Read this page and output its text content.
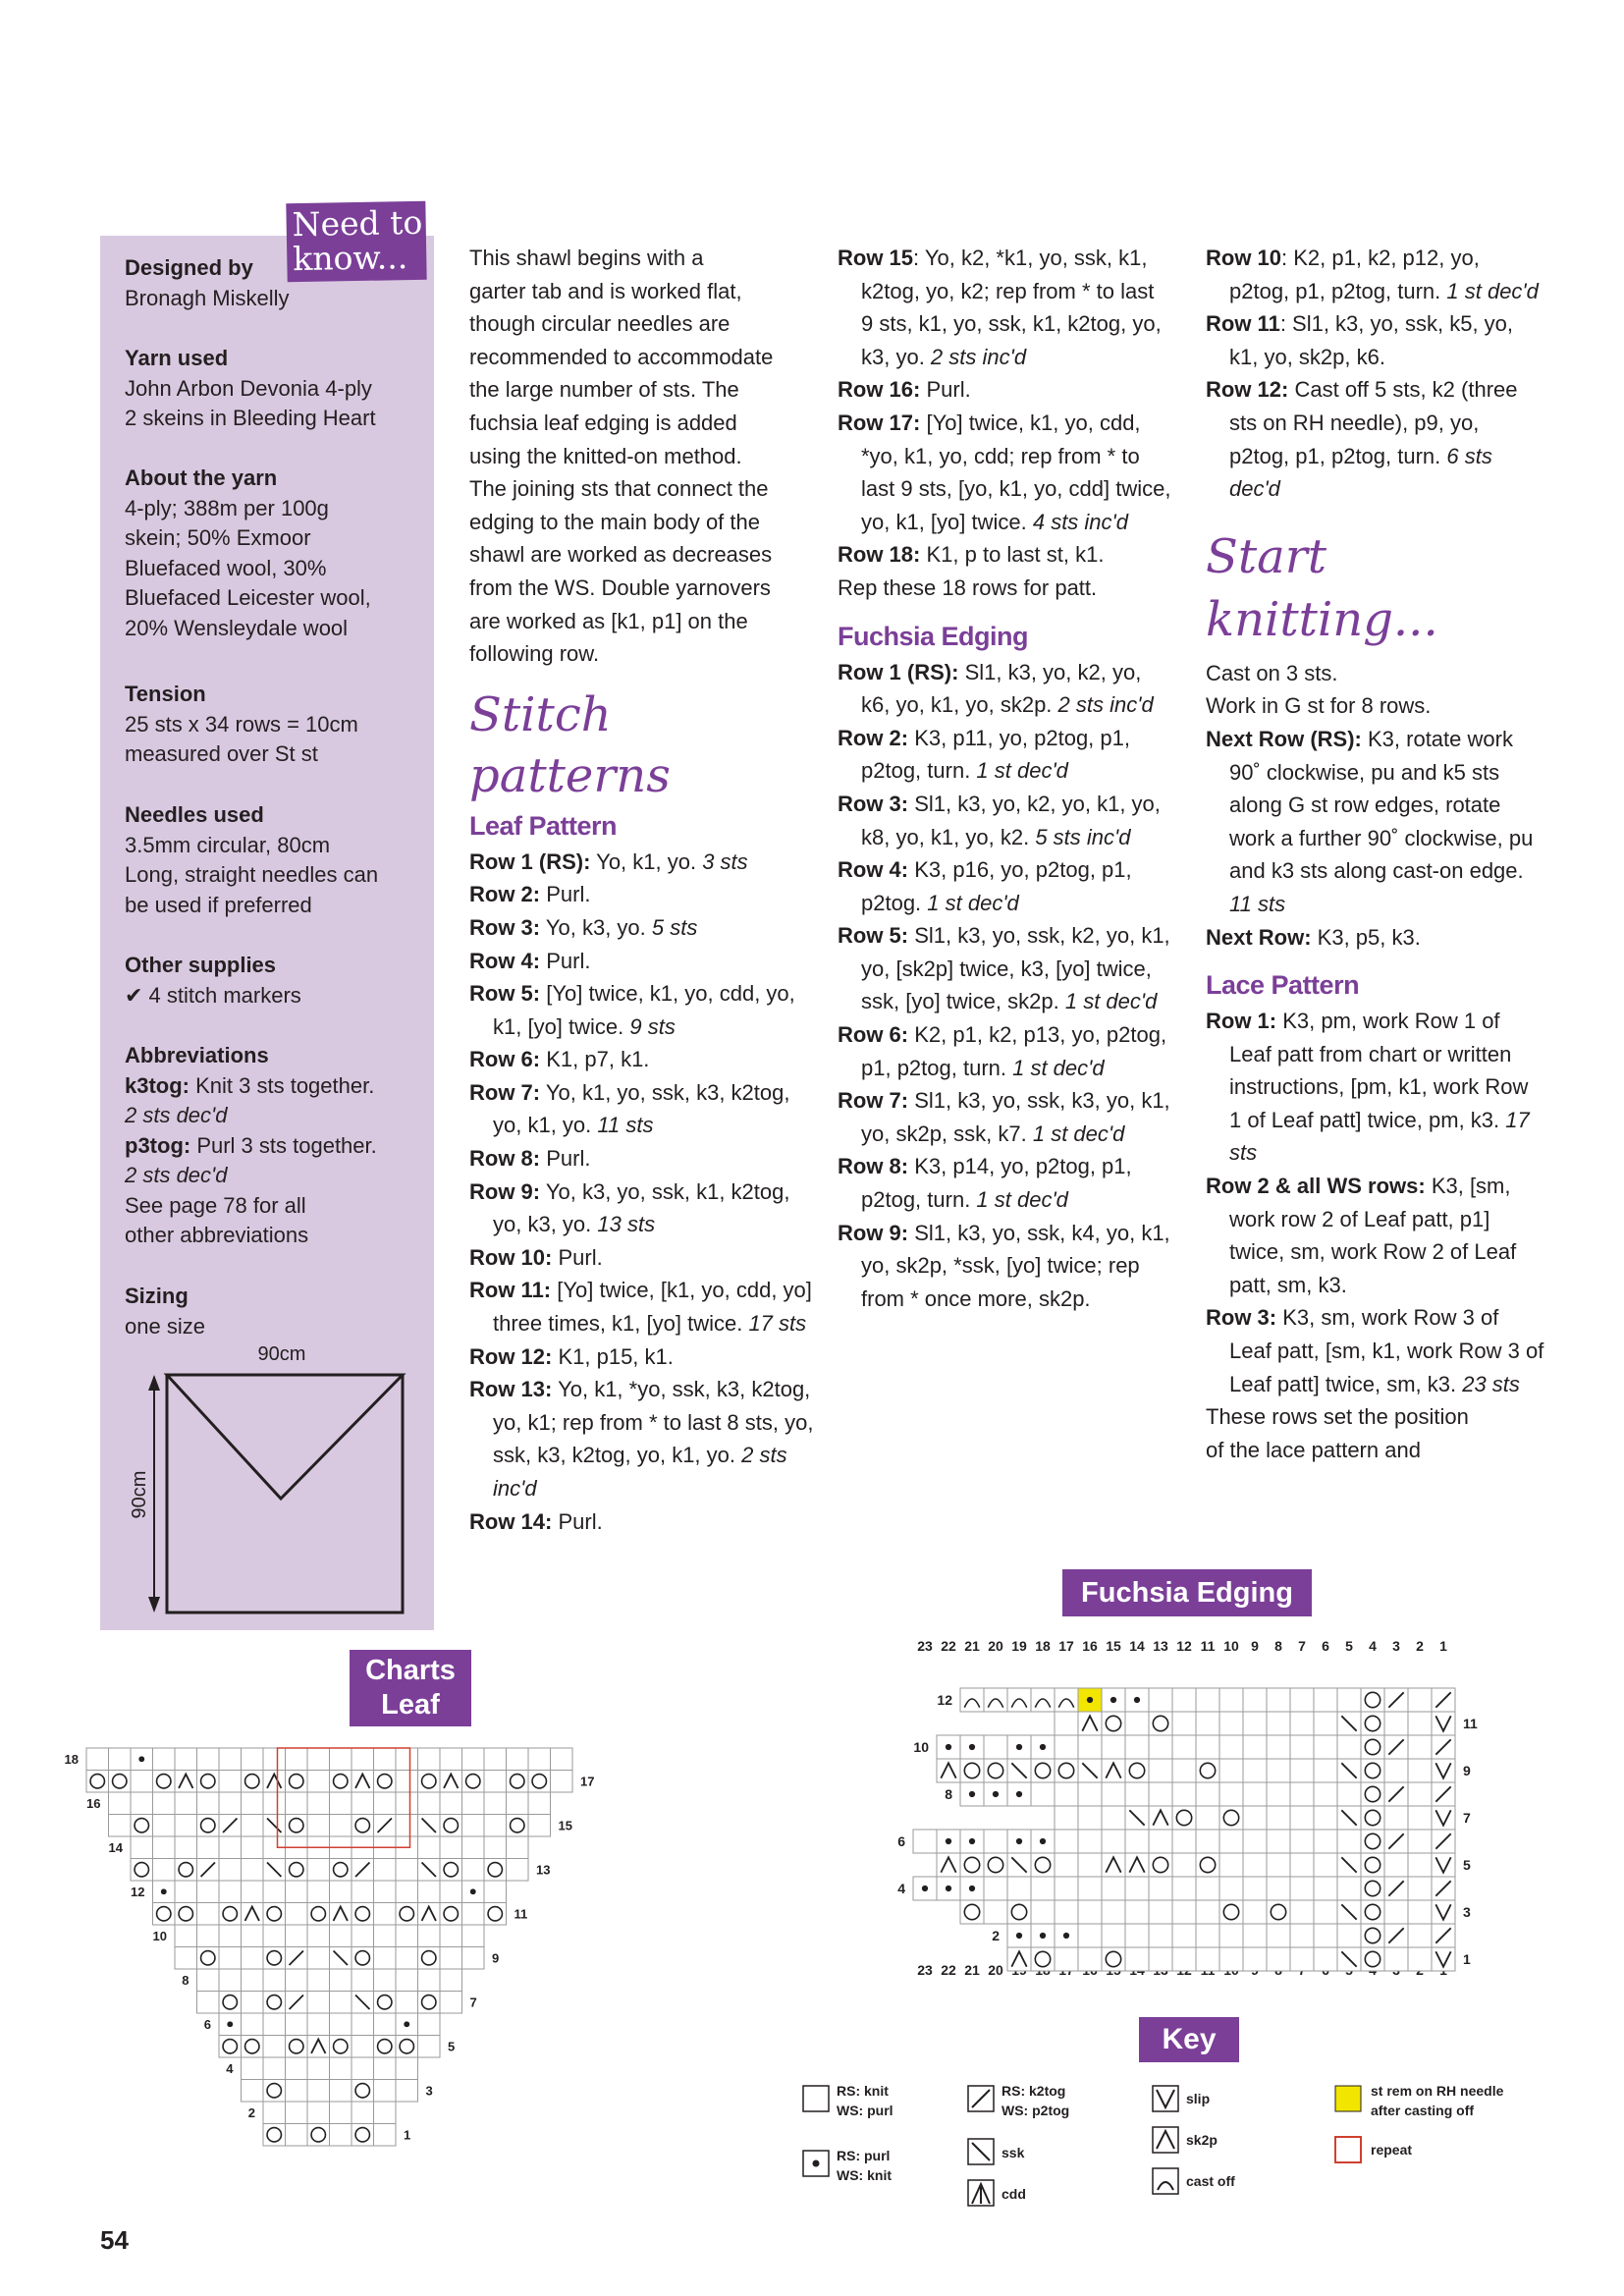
Need to
know...
Designed by
Bronagh Miskelly
Yarn used
John Arbon Devonia 4-ply
2 skeins in Bleeding Heart
About the yarn
4-ply; 388m per 100g
skein; 50% Exmoor
Bluefaced wool, 30%
Bluefaced Leicester wool,
20% Wensleydale wool
Tension
25 sts x 34 rows = 10cm
measured over St st
Needles used
3.5mm circular, 80cm
Long, straight needles can
be used if preferred
Other supplies
✔ 4 stitch markers
Abbreviations
k3tog: Knit 3 sts together.
2 sts dec'd
p3tog: Purl 3 sts together.
2 sts dec'd
See page 78 for all
other abbreviations
Sizing
one size
90cm
90cm
This shawl begins with a
garter tab and is worked flat,
though circular needles are
recommended to accommodate
the large number of sts. The
fuchsia leaf edging is added
using the knitted-on method.
The joining sts that connect the
edging to the main body of the
shawl are worked as decreases
from the WS. Double yarnovers
are worked as [k1, p1] on the
following row.
Stitch patterns
Leaf Pattern

Row 1 (RS): Yo, k1, yo. 3 sts

Row 2: Purl.

Row 3: Yo, k3, yo. 5 sts

Row 4: Purl.

Row 5: [Yo] twice, k1, yo, cdd, yo, k1, [yo] twice. 9 sts

Row 6: K1, p7, k1.

Row 7: Yo, k1, yo, ssk, k3, k2tog, yo, k1, yo. 11 sts

Row 8: Purl.

Row 9: Yo, k3, yo, ssk, k1, k2tog, yo, k3, yo. 13 sts

Row 10: Purl.

Row 11: [Yo] twice, [k1, yo, cdd, yo] three times, k1, [yo] twice. 17 sts

Row 12: K1, p15, k1.

Row 13: Yo, k1, *yo, ssk, k3, k2tog, yo, k1; rep from * to last 8 sts, yo, ssk, k3, k2tog, yo, k1, yo. 2 sts inc'd

Row 14: Purl.

Row 15: Yo, k2, *k1, yo, ssk, k1, k2tog, yo, k2; rep from * to last 9 sts, k1, yo, ssk, k1, k2tog, yo, k3, yo. 2 sts inc'd

Row 16: Purl.

Row 17: [Yo] twice, k1, yo, cdd, *yo, k1, yo, cdd; rep from * to last 9 sts, [yo, k1, yo, cdd] twice, yo, k1, [yo] twice. 4 sts inc'd

Row 18: K1, p to last st, k1.

Rep these 18 rows for patt.
Fuchsia Edging

Row 1 (RS): Sl1, k3, yo, k2, yo, k6, yo, k1, yo, sk2p. 2 sts inc'd

Row 2: K3, p11, yo, p2tog, p1, p2tog, turn. 1 st dec'd

Row 3: Sl1, k3, yo, k2, yo, k1, yo, k8, yo, k1, yo, k2. 5 sts inc'd

Row 4: K3, p16, yo, p2tog, p1, p2tog. 1 st dec'd

Row 5: Sl1, k3, yo, ssk, k2, yo, k1, yo, [sk2p] twice, k3, [yo] twice, ssk, [yo] twice, sk2p. 1 st dec'd

Row 6: K2, p1, k2, p13, yo, p2tog, p1, p2tog, turn. 1 st dec'd

Row 7: Sl1, k3, yo, ssk, k3, yo, k1, yo, sk2p, ssk, k7. 1 st dec'd

Row 8: K3, p14, yo, p2tog, p1, p2tog, turn. 1 st dec'd

Row 9: Sl1, k3, yo, ssk, k4, yo, k1, yo, sk2p, *ssk, [yo] twice; rep from * once more, sk2p.

Row 10: K2, p1, k2, p12, yo, p2tog, p1, p2tog, turn. 1 st dec'd

Row 11: Sl1, k3, yo, ssk, k5, yo, k1, yo, sk2p, k6.

Row 12: Cast off 5 sts, k2 (three sts on RH needle), p9, yo, p2tog, p1, p2tog, turn. 6 sts dec'd

Start knitting...
Cast on 3 sts.
Work in G st for 8 rows.

Next Row (RS): K3, rotate work 90˚ clockwise, pu and k5 sts along G st row edges, rotate work a further 90˚ clockwise, pu and k3 sts along cast-on edge. 11 sts

Next Row: K3, p5, k3.

Lace Pattern

Row 1: K3, pm, work Row 1 of Leaf patt from chart or written instructions, [pm, k1, work Row 1 of Leaf patt] twice, pm, k3. 17 sts

Row 2 & all WS rows: K3, [sm, work row 2 of Leaf patt, p1] twice, sm, work Row 2 of Leaf patt, sm, k3.

Row 3: K3, sm, work Row 3 of Leaf patt, [sm, k1, work Row 3 of Leaf patt] twice, sm, k3. 23 sts

These rows set the position
of the lace pattern and
Charts
Leaf
Fuchsia Edging
Key
18
17
16
15
14
13
12
11
10
9
8
7
6
5
4
3
2
1
23
23
22
22
21
21
20
20
19 18 17 16 15 14 13 12 11 10 9 8 7 6 5 4 3 2 1
12
11
10
9
8
7
6
5
4
3
2
1
RS: knit
WS: purl
RS: purl
WS: knit
RS: k2tog
WS: p2tog
ssk
cdd
slip
sk2p
cast off
st rem on RH needle
after casting off
repeat
54
